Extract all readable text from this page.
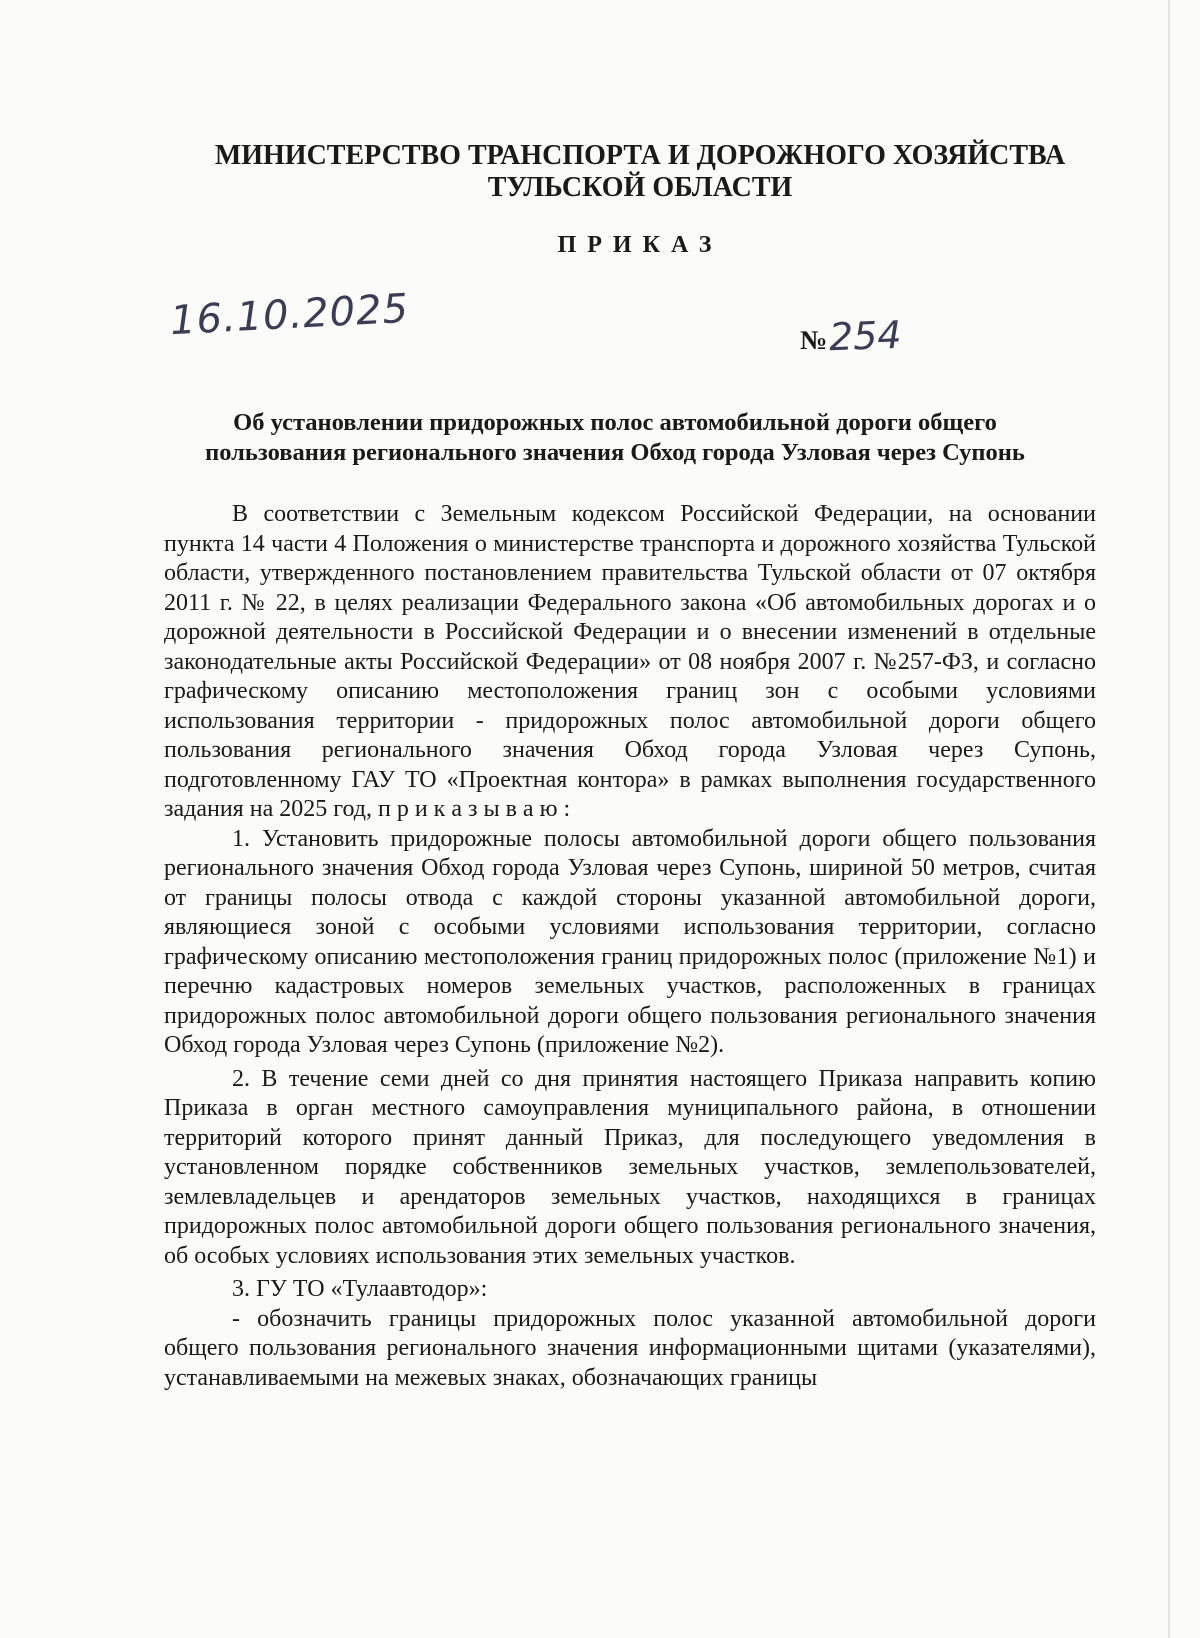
МИНИСТЕРСТВО ТРАНСПОРТА И ДОРОЖНОГО ХОЗЯЙСТВА
ТУЛЬСКОЙ ОБЛАСТИ
ПРИКАЗ
16.10.2025	№254
Об установлении придорожных полос автомобильной дороги общего
пользования регионального значения Обход города Узловая через Супонь

В соответствии с Земельным кодексом Российской Федерации, на основании пункта 14 части 4 Положения о министерстве транспорта и дорожного хозяйства Тульской области, утвержденного постановлением правительства Тульской области от 07 октября 2011 г. № 22, в целях реализации Федерального закона «Об автомобильных дорогах и о дорожной деятельности в Российской Федерации и о внесении изменений в отдельные законодательные акты Российской Федерации» от 08 ноября 2007 г. №257-ФЗ, и согласно графическому описанию местоположения границ зон с особыми условиями использования территории - придорожных полос автомобильной дороги общего пользования регионального значения Обход города Узловая через Супонь, подготовленному ГАУ ТО «Проектная контора» в рамках выполнения государственного задания на 2025 год, п р и к а з ы в а ю :

1. Установить придорожные полосы автомобильной дороги общего пользования регионального значения Обход города Узловая через Супонь, шириной 50 метров, считая от границы полосы отвода с каждой стороны указанной автомобильной дороги, являющиеся зоной с особыми условиями использования территории, согласно графическому описанию местоположения границ придорожных полос (приложение №1) и перечню кадастровых номеров земельных участков, расположенных в границах придорожных полос автомобильной дороги общего пользования регионального значения Обход города Узловая через Супонь (приложение №2).

2. В течение семи дней со дня принятия настоящего Приказа направить копию Приказа в орган местного самоуправления муниципального района, в отношении территорий которого принят данный Приказ, для последующего уведомления в установленном порядке собственников земельных участков, землепользователей, землевладельцев и арендаторов земельных участков, находящихся в границах придорожных полос автомобильной дороги общего пользования регионального значения, об особых условиях использования этих земельных участков.

3. ГУ ТО «Тулаавтодор»:

- обозначить границы придорожных полос указанной автомобильной дороги общего пользования регионального значения информационными щитами (указателями), устанавливаемыми на межевых знаках, обозначающих границы
